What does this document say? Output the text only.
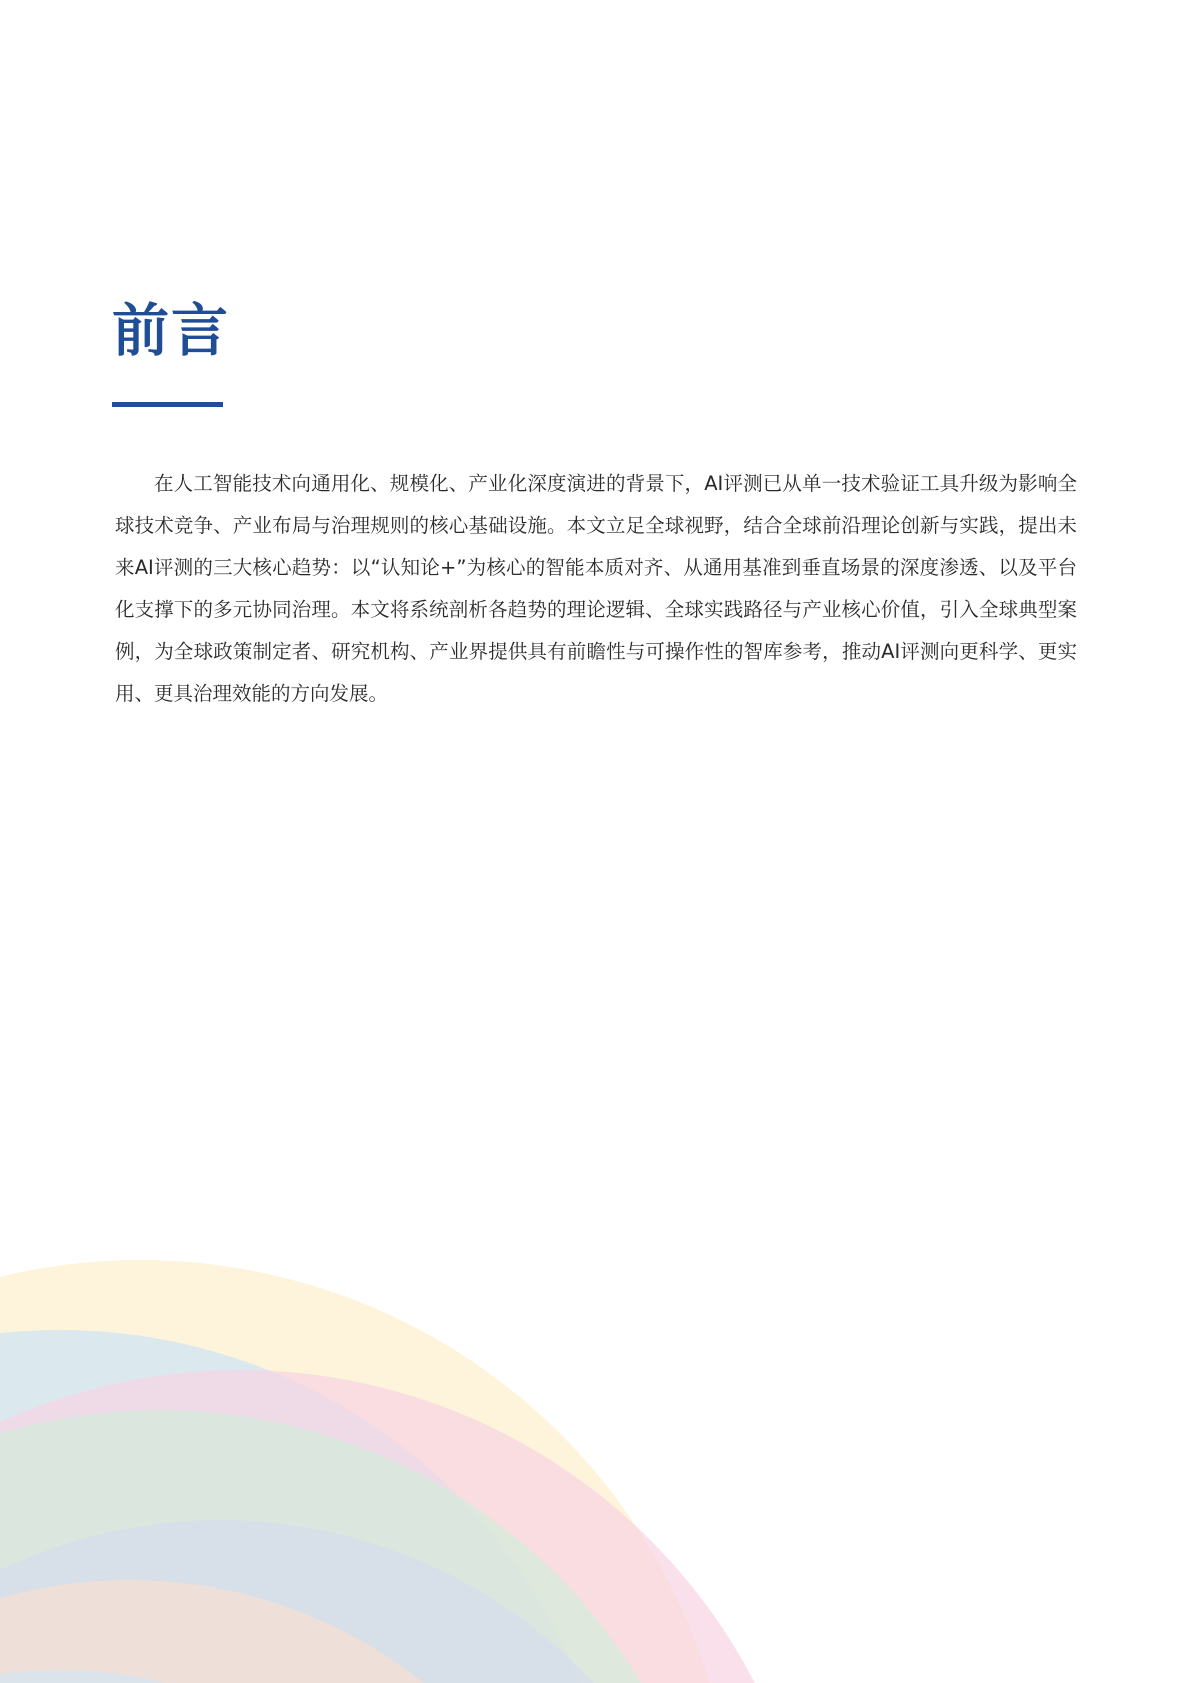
前言

在人工智能技术向通用化、规模化、产业化深度演进的背景下，AI评测已从单一技术验证工具升级为影响全球技术竞争、产业布局与治理规则的核心基础设施。本文立足全球视野，结合全球前沿理论创新与实践，提出未来AI评测的三大核心趋势：以“认知论+”为核心的智能本质对齐、从通用基准到垂直场景的深度渗透、以及平台化支撑下的多元协同治理。本文将系统剖析各趋势的理论逻辑、全球实践路径与产业核心价值，引入全球典型案例，为全球政策制定者、研究机构、产业界提供具有前瞻性与可操作性的智库参考，推动AI评测向更科学、更实用、更具治理效能的方向发展。
